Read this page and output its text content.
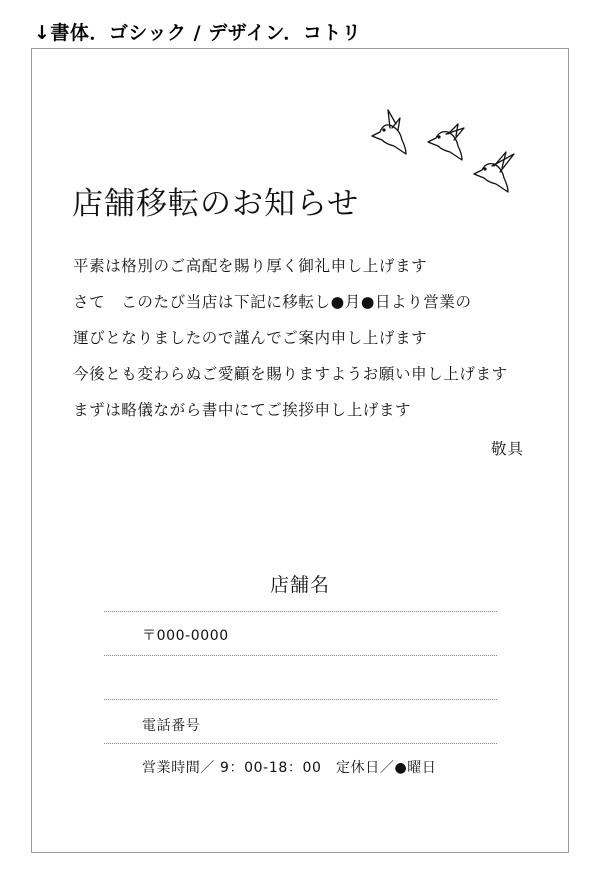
↓書体．ゴシック / デザイン．コトリ
店舗移転のお知らせ
平素は格別のご高配を賜り厚く御礼申し上げます
さて　このたび当店は下記に移転し●月●日より営業の
運びとなりましたので謹んでご案内申し上げます
今後とも変わらぬご愛顧を賜りますようお願い申し上げます
まずは略儀ながら書中にてご挨拶申し上げます
敬具
店舗名
〒000-0000
電話番号
営業時間／ 9：00-18：00　定休日／●曜日
